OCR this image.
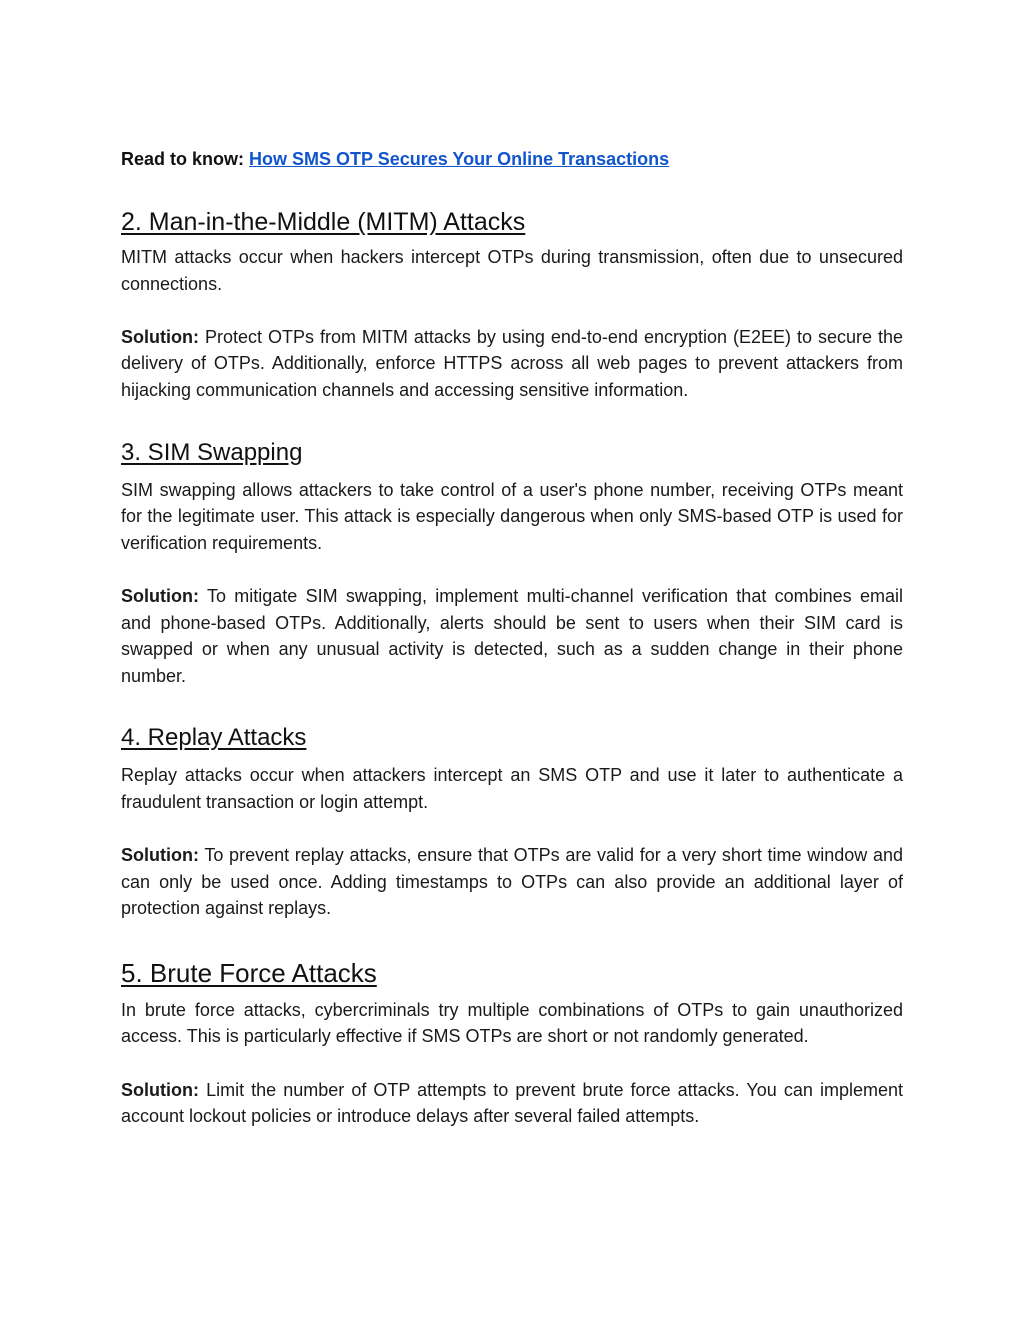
Read to know: How SMS OTP Secures Your Online Transactions
2. Man-in-the-Middle (MITM) Attacks

MITM attacks occur when hackers intercept OTPs during transmission, often due to unsecured connections.

Solution: Protect OTPs from MITM attacks by using end-to-end encryption (E2EE) to secure the delivery of OTPs. Additionally, enforce HTTPS across all web pages to prevent attackers from hijacking communication channels and accessing sensitive information.

3. SIM Swapping

SIM swapping allows attackers to take control of a user's phone number, receiving OTPs meant for the legitimate user. This attack is especially dangerous when only SMS-based OTP is used for verification requirements.

Solution: To mitigate SIM swapping, implement multi-channel verification that combines email and phone-based OTPs. Additionally, alerts should be sent to users when their SIM card is swapped or when any unusual activity is detected, such as a sudden change in their phone number.

4. Replay Attacks

Replay attacks occur when attackers intercept an SMS OTP and use it later to authenticate a fraudulent transaction or login attempt.

Solution: To prevent replay attacks, ensure that OTPs are valid for a very short time window and can only be used once. Adding timestamps to OTPs can also provide an additional layer of protection against replays.

5. Brute Force Attacks

In brute force attacks, cybercriminals try multiple combinations of OTPs to gain unauthorized access. This is particularly effective if SMS OTPs are short or not randomly generated.

Solution: Limit the number of OTP attempts to prevent brute force attacks. You can implement account lockout policies or introduce delays after several failed attempts.
